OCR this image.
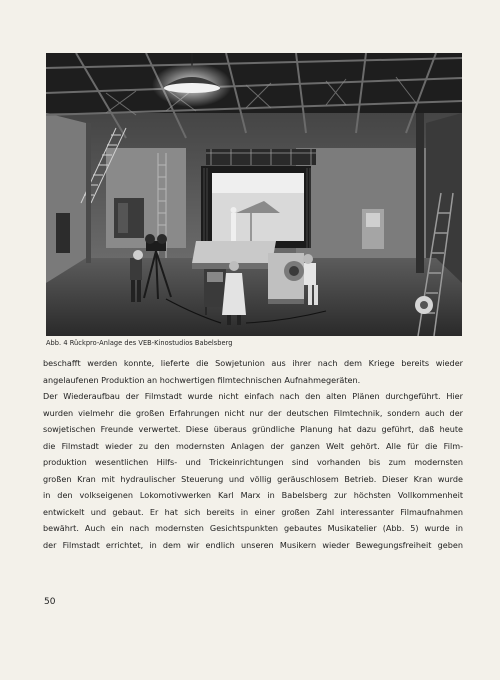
Abb. 4 Rückpro-Anlage des VEB-Kinostudios Babelsberg
beschafft werden konnte, lieferte die Sowjetunion aus ihrer nach dem Kriege bereits wieder
angelaufenen Produktion an hochwertigen filmtechnischen Aufnahmegeräten.
Der Wiederaufbau der Filmstadt wurde nicht einfach nach den alten Plänen durchgeführt. Hier
wurden vielmehr die großen Erfahrungen nicht nur der deutschen Filmtechnik, sondern auch der
sowjetischen Freunde verwertet. Diese überaus gründliche Planung hat dazu geführt, daß heute
die Filmstadt wieder zu den modernsten Anlagen der ganzen Welt gehört. Alle für die Film-
produktion wesentlichen Hilfs- und Trickeinrichtungen sind vorhanden bis zum modernsten
großen Kran mit hydraulischer Steuerung und völlig geräuschlosem Betrieb. Dieser Kran wurde
in den volkseigenen Lokomotivwerken Karl Marx in Babelsberg zur höchsten Vollkommenheit
entwickelt und gebaut. Er hat sich bereits in einer großen Zahl interessanter Filmaufnahmen
bewährt. Auch ein nach modernsten Gesichtspunkten gebautes Musikatelier (Abb. 5) wurde in
der Filmstadt errichtet, in dem wir endlich unseren Musikern wieder Bewegungsfreiheit geben
50
